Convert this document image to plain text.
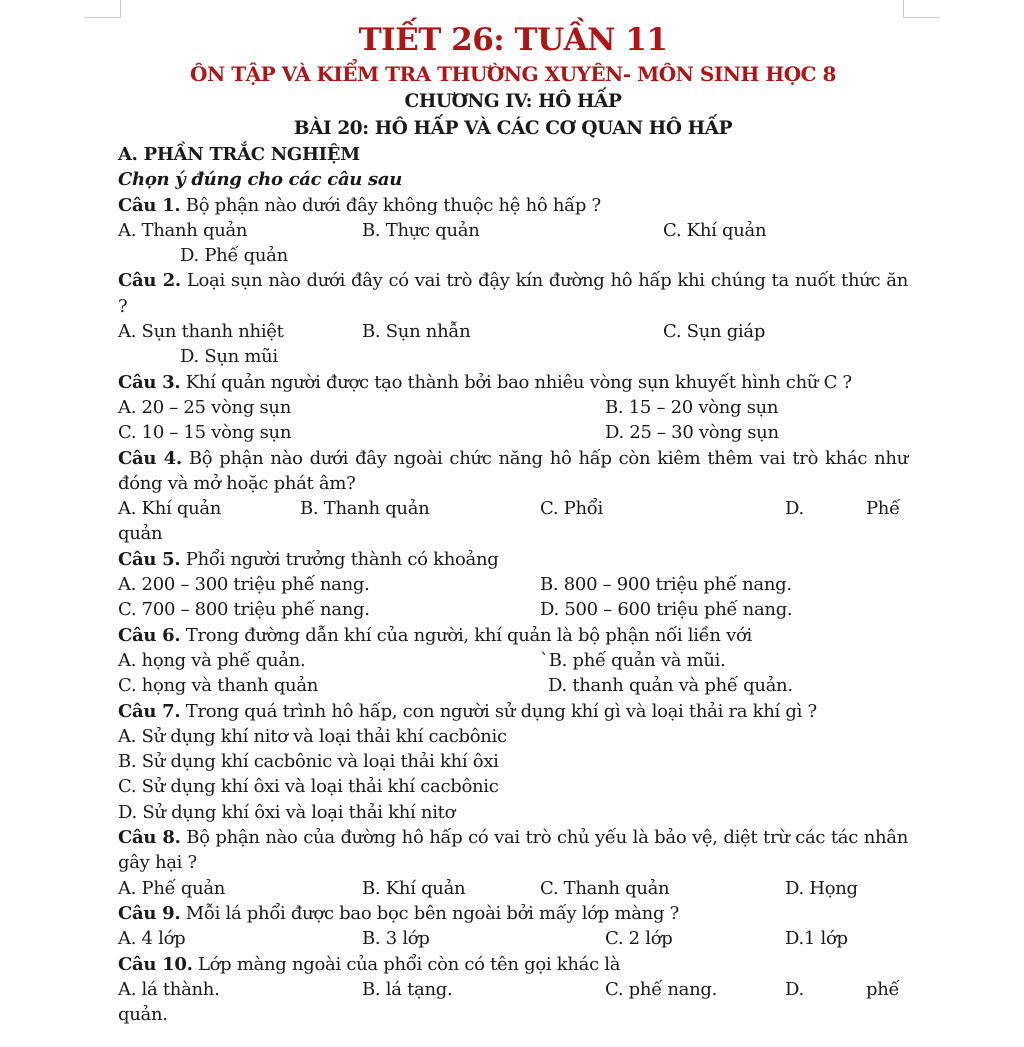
TIẾT 26: TUẦN 11
ÔN TẬP VÀ KIỂM TRA THƯỜNG XUYÊN- MÔN SINH HỌC 8
CHƯƠNG IV: HÔ HẤP
BÀI 20: HÔ HẤP VÀ CÁC CƠ QUAN HÔ HẤP
A. PHẦN TRẮC NGHIỆM
Chọn ý đúng cho các câu sau
Câu 1. Bộ phận nào dưới đây không thuộc hệ hô hấp ?
A. Thanh quản	B. Thực quản	C. Khí quản
D. Phế quản
Câu 2. Loại sụn nào dưới đây có vai trò đậy kín đường hô hấp khi chúng ta nuốt thức ăn ?
A. Sụn thanh nhiệt	B. Sụn nhẫn	C. Sụn giáp
D. Sụn mũi
Câu 3. Khí quản người được tạo thành bởi bao nhiêu vòng sụn khuyết hình chữ C ?
A. 20 – 25 vòng sụn	B. 15 – 20 vòng sụn
C. 10 – 15 vòng sụn	D. 25 – 30 vòng sụn
Câu 4. Bộ phận nào dưới đây ngoài chức năng hô hấp còn kiêm thêm vai trò khác như đóng và mở hoặc phát âm?
A. Khí quản	B. Thanh quản	C. Phổi	D.	Phế
quản
Câu 5. Phổi người trưởng thành có khoảng
A. 200 – 300 triệu phế nang.	B. 800 – 900 triệu phế nang.
C. 700 – 800 triệu phế nang.	D. 500 – 600 triệu phế nang.
Câu 6. Trong đường dẫn khí của người, khí quản là bộ phận nối liền với
A. họng và phế quản.	`B. phế quản và mũi.
C. họng và thanh quản	D. thanh quản và phế quản.
Câu 7. Trong quá trình hô hấp, con người sử dụng khí gì và loại thải ra khí gì ?
A. Sử dụng khí nitơ và loại thải khí cacbônic
B. Sử dụng khí cacbônic và loại thải khí ôxi
C. Sử dụng khí ôxi và loại thải khí cacbônic
D. Sử dụng khí ôxi và loại thải khí nitơ
Câu 8. Bộ phận nào của đường hô hấp có vai trò chủ yếu là bảo vệ, diệt trừ các tác nhân gây hại ?
A. Phế quản	B. Khí quản	C. Thanh quản	D. Họng
Câu 9. Mỗi lá phổi được bao bọc bên ngoài bởi mấy lớp màng ?
A. 4 lớp	B. 3 lớp	C. 2 lớp	D.1 lớp
Câu 10. Lớp màng ngoài của phổi còn có tên gọi khác là
A. lá thành.	B. lá tạng.	C. phế nang.	D.	phế
quản.
